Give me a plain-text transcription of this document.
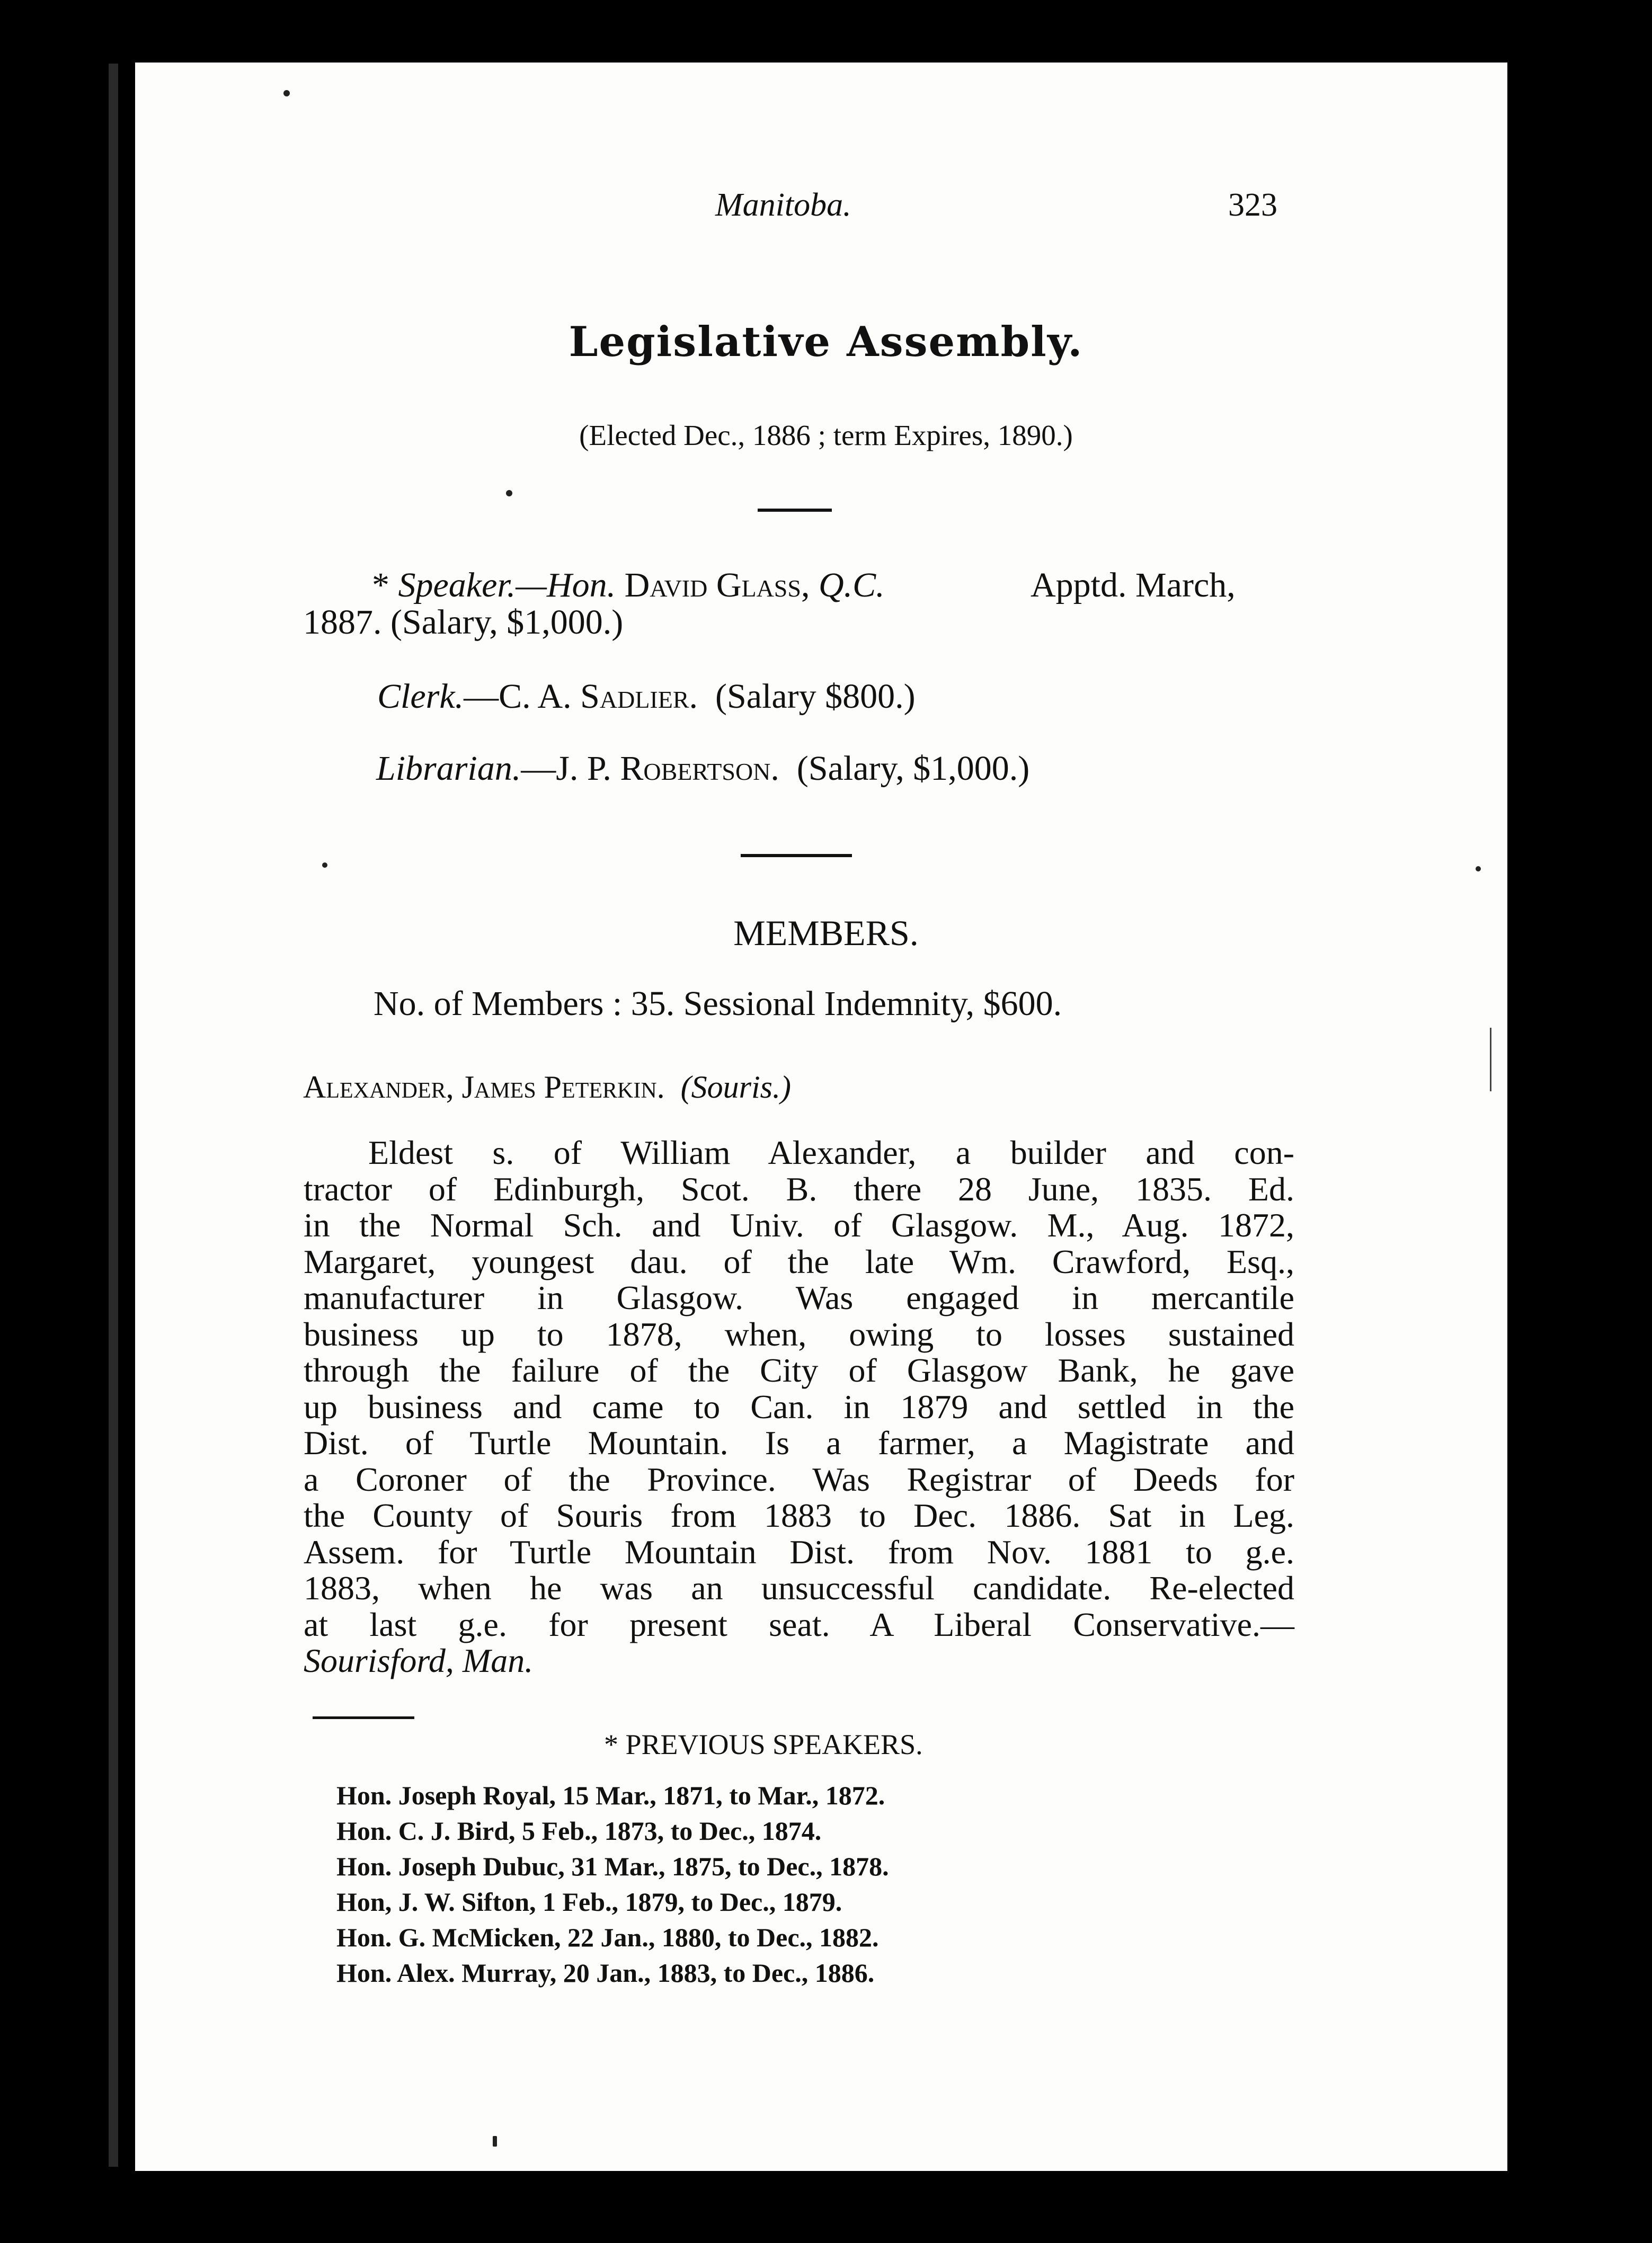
Manitoba.	323
Legislative Assembly.
(Elected Dec., 1886 ; term Expires, 1890.)
* Speaker.—Hon. David Glass, Q.C.	Apptd. March,
1887. (Salary, $1,000.)
Clerk.—C. A. Sadlier. (Salary $800.)
Librarian.—J. P. Robertson. (Salary, $1,000.)
MEMBERS.
No. of Members : 35. Sessional Indemnity, $600.
Alexander, James Peterkin. (Souris.)
Eldest s. of William Alexander, a builder and con-
tractor of Edinburgh, Scot. B. there 28 June, 1835. Ed.
in the Normal Sch. and Univ. of Glasgow. M., Aug. 1872,
Margaret, youngest dau. of the late Wm. Crawford, Esq.,
manufacturer in Glasgow. Was engaged in mercantile
business up to 1878, when, owing to losses sustained
through the failure of the City of Glasgow Bank, he gave
up business and came to Can. in 1879 and settled in the
Dist. of Turtle Mountain. Is a farmer, a Magistrate and
a Coroner of the Province. Was Registrar of Deeds for
the County of Souris from 1883 to Dec. 1886. Sat in Leg.
Assem. for Turtle Mountain Dist. from Nov. 1881 to g.e.
1883, when he was an unsuccessful candidate. Re-elected
at last g.e. for present seat. A Liberal Conservative.—
Sourisford, Man.
* PREVIOUS SPEAKERS.
Hon. Joseph Royal, 15 Mar., 1871, to Mar., 1872.
Hon. C. J. Bird, 5 Feb., 1873, to Dec., 1874.
Hon. Joseph Dubuc, 31 Mar., 1875, to Dec., 1878.
Hon, J. W. Sifton, 1 Feb., 1879, to Dec., 1879.
Hon. G. McMicken, 22 Jan., 1880, to Dec., 1882.
Hon. Alex. Murray, 20 Jan., 1883, to Dec., 1886.
